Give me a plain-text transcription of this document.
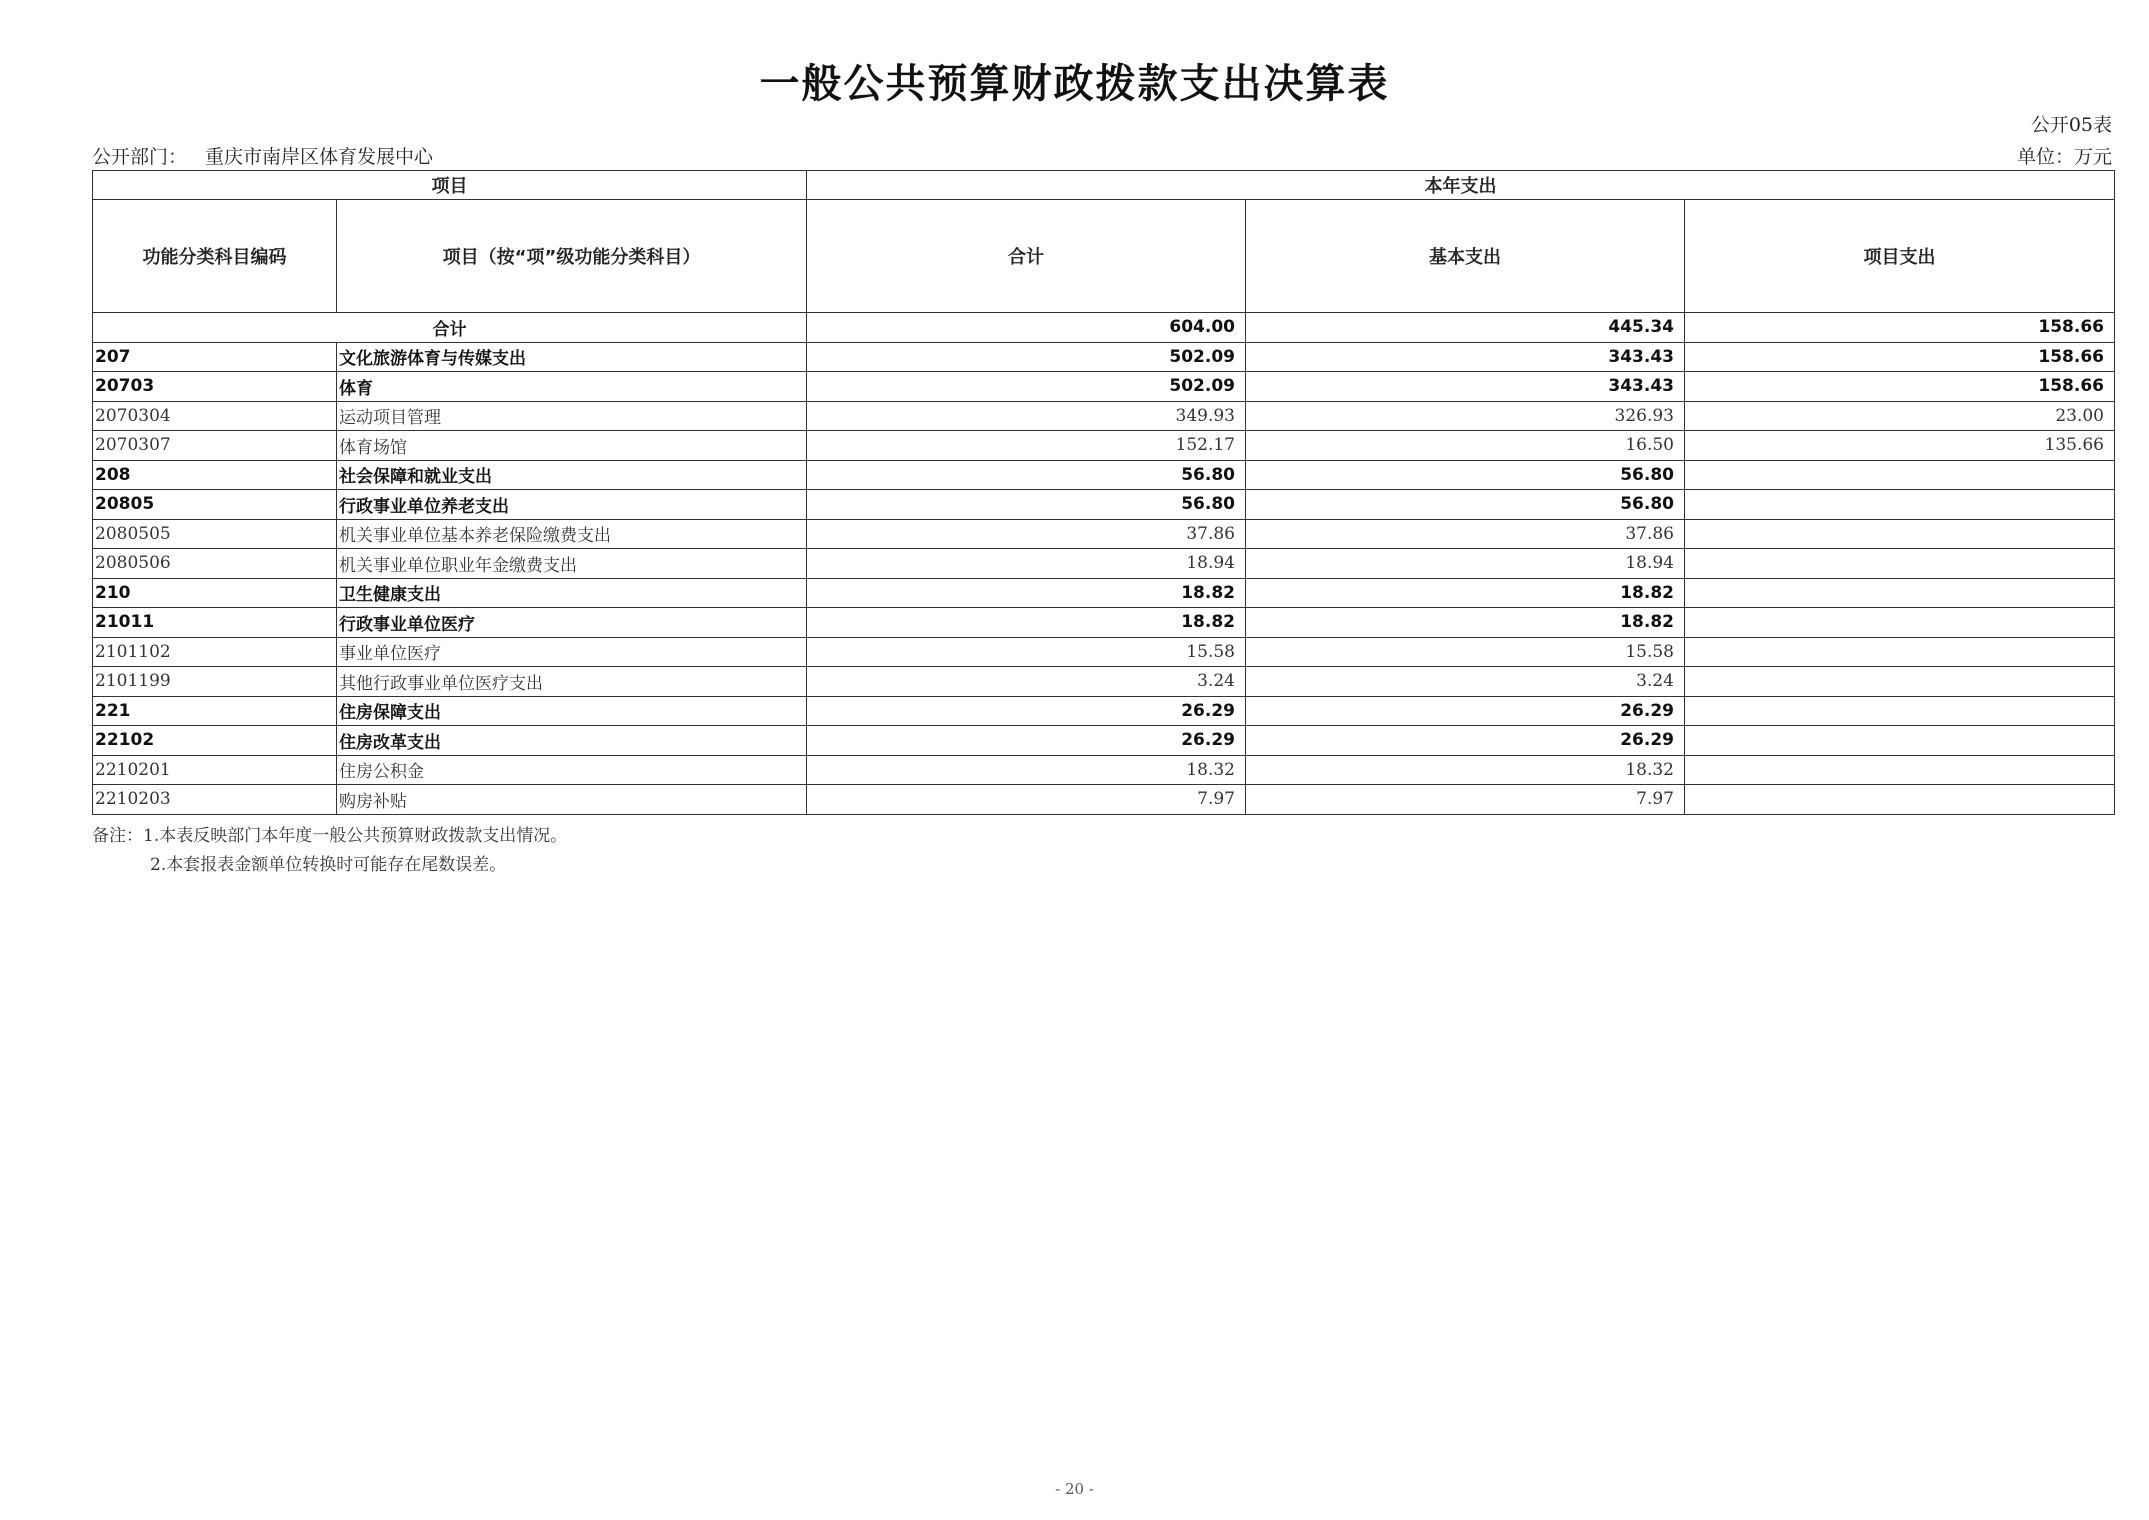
一般公共预算财政拨款支出决算表
公开05表
公开部门： 重庆市南岸区体育发展中心	单位：万元
项目		本年支出		
功能分类科目编码	项目（按“项”级功能分类科目）	合计	基本支出	项目支出
合计		604.00	445.34	158.66
207	文化旅游体育与传媒支出	502.09	343.43	158.66
20703	体育	502.09	343.43	158.66
2070304	运动项目管理	349.93	326.93	23.00
2070307	体育场馆	152.17	16.50	135.66
208	社会保障和就业支出	56.80	56.80	
20805	行政事业单位养老支出	56.80	56.80	
2080505	机关事业单位基本养老保险缴费支出	37.86	37.86	
2080506	机关事业单位职业年金缴费支出	18.94	18.94	
210	卫生健康支出	18.82	18.82	
21011	行政事业单位医疗	18.82	18.82	
2101102	事业单位医疗	15.58	15.58	
2101199	其他行政事业单位医疗支出	3.24	3.24	
221	住房保障支出	26.29	26.29	
22102	住房改革支出	26.29	26.29	
2210201	住房公积金	18.32	18.32	
2210203	购房补贴	7.97	7.97	
备注：1.本表反映部门本年度一般公共预算财政拨款支出情况。
2.本套报表金额单位转换时可能存在尾数误差。
- 20 -
